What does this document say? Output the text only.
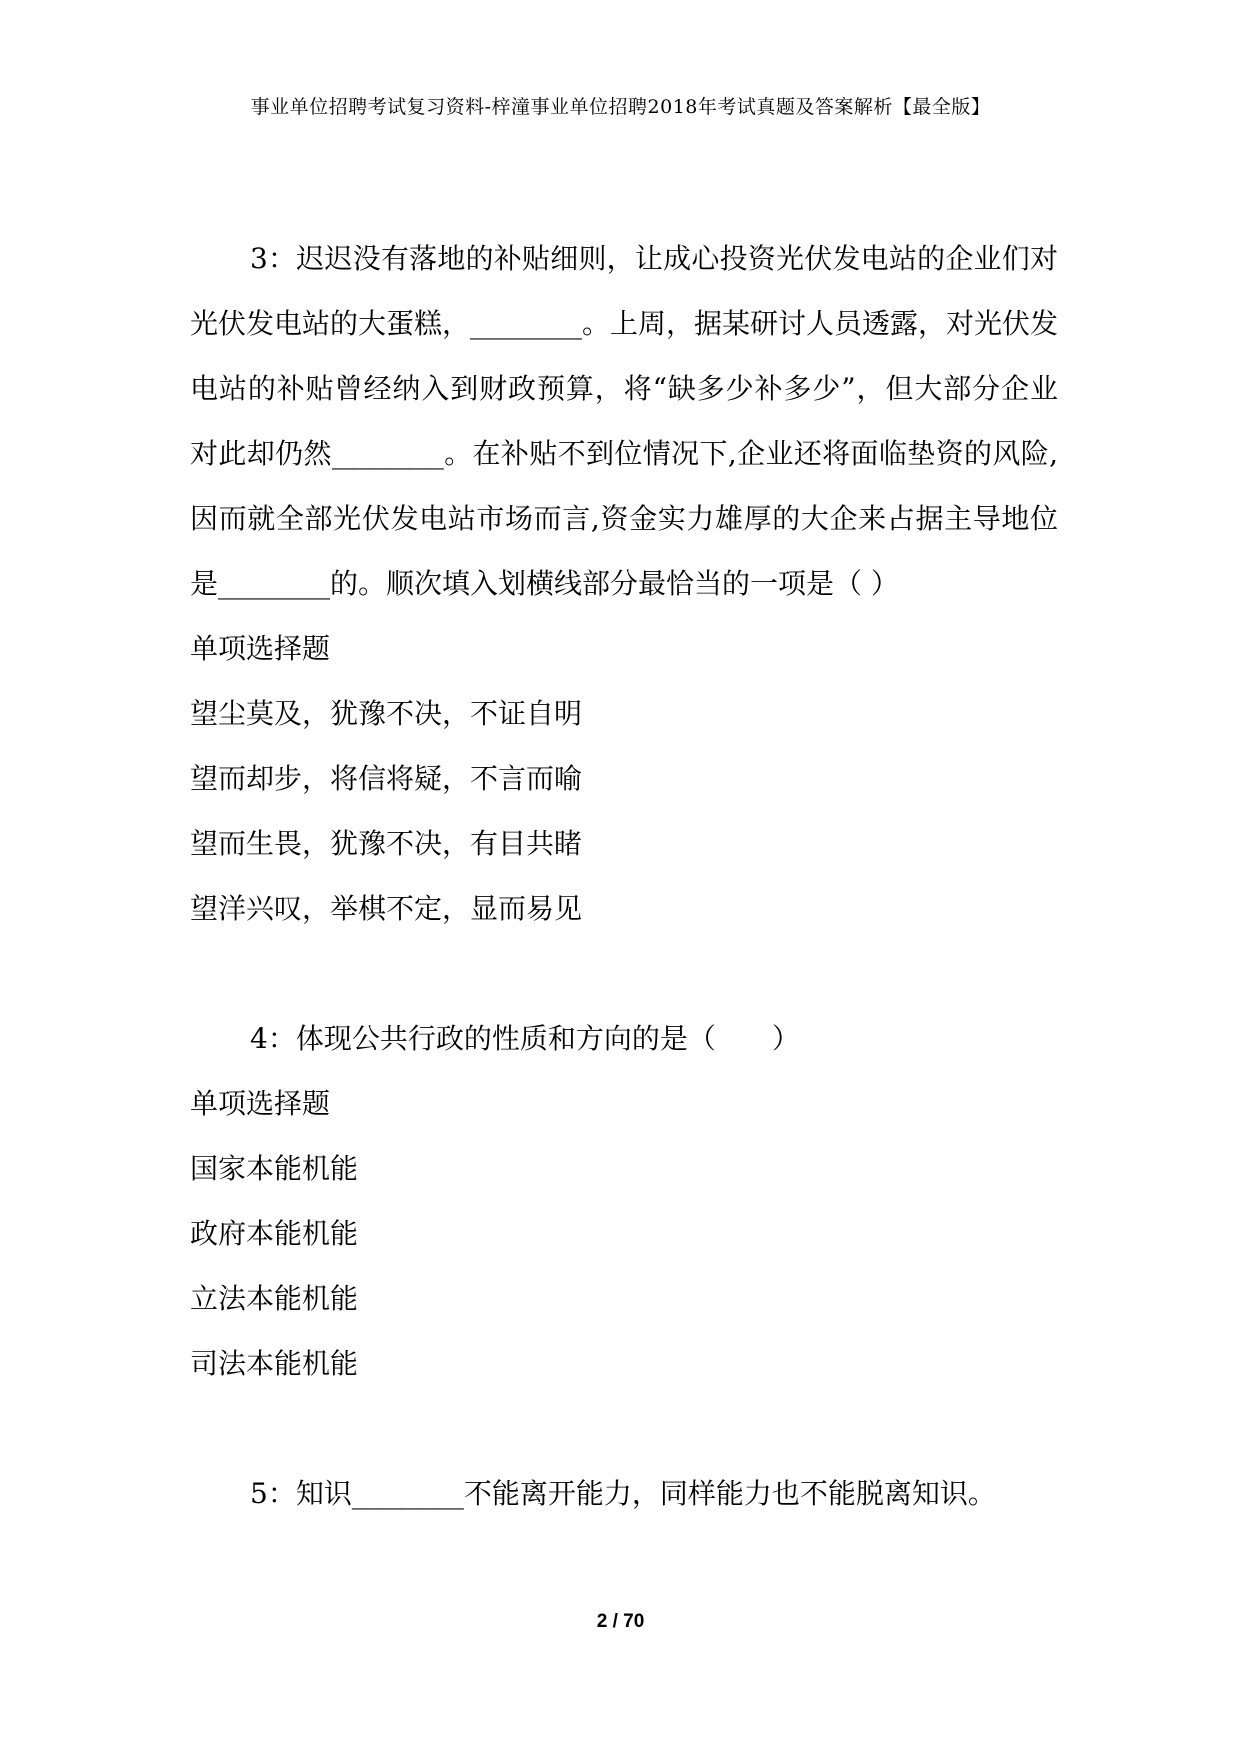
事业单位招聘考试复习资料-梓潼事业单位招聘2018年考试真题及答案解析【最全版】
3：迟迟没有落地的补贴细则，让成心投资光伏发电站的企业们对光伏发电站的大蛋糕，________。上周，据某研讨人员透露，对光伏发电站的补贴曾经纳入到财政预算，将“缺多少补多少”，但大部分企业对此却仍然________。在补贴不到位情况下,企业还将面临垫资的风险,因而就全部光伏发电站市场而言,资金实力雄厚的大企来占据主导地位是________的。顺次填入划横线部分最恰当的一项是（ ）
单项选择题
望尘莫及，犹豫不决，不证自明
望而却步，将信将疑，不言而喻
望而生畏，犹豫不决，有目共睹
望洋兴叹，举棋不定，显而易见
4：体现公共行政的性质和方向的是（　　）
单项选择题
国家本能机能
政府本能机能
立法本能机能
司法本能机能
5：知识________不能离开能力，同样能力也不能脱离知识。
2 / 70
